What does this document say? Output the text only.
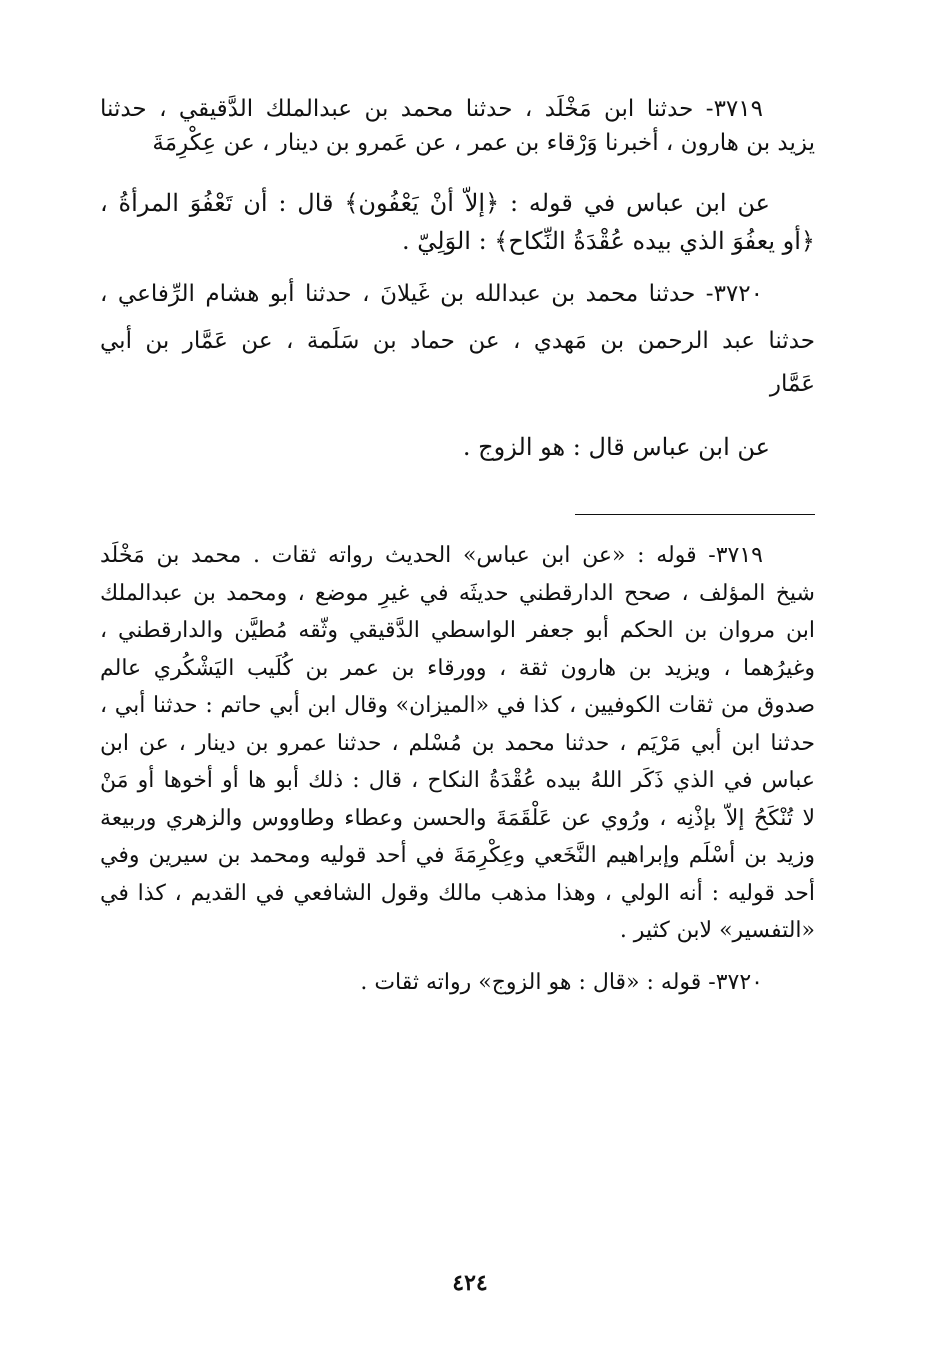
٣٧١٩- حدثنا ابن مَخْلَد ، حدثنا محمد بن عبدالملك الدَّقيقي ، حدثنا
يزيد بن هارون ، أخبرنا وَرْقاء بن عمر ، عن عَمرو بن دينار ، عن عِكْرِمَةَ
عن ابن عباس في قوله : ﴿إلاّ أنْ يَعْفُون﴾ قال : أن تَعْفُوَ المرأةُ ،
﴿أو يعفُوَ الذي بيده عُقْدَةُ النِّكاح﴾ : الوَلِيّ .
٣٧٢٠- حدثنا محمد بن عبدالله بن غَيلانَ ، حدثنا أبو هشام الرِّفاعي ،
حدثنا عبد الرحمن بن مَهدي ، عن حماد بن سَلَمة ، عن عَمَّار بن أبي
عَمَّار
عن ابن عباس قال : هو الزوج .
٣٧١٩- قوله : «عن ابن عباس» الحديث رواته ثقات . محمد بن مَخْلَد
شيخ المؤلف ، صحح الدارقطني حديثَه في غيرِ موضع ، ومحمد بن عبدالملك
ابن مروان بن الحكم أبو جعفر الواسطي الدَّقيقي وثّقه مُطيَّن والدارقطني ،
وغيرُهما ، ويزيد بن هارون ثقة ، وورقاء بن عمر بن كُلَيب اليَشْكُري عالم
صدوق من ثقات الكوفيين ، كذا في «الميزان» وقال ابن أبي حاتم : حدثنا أبي ،
حدثنا ابن أبي مَرْيَم ، حدثنا محمد بن مُسْلم ، حدثنا عمرو بن دينار ، عن ابن
عباس في الذي ذَكَر اللهُ بيده عُقْدَةُ النكاح ، قال : ذلك أبو ها أو أخوها أو مَنْ
لا تُنْكَحُ إلاّ بإذْنِه ، ورُوي عن عَلْقَمَةَ والحسن وعطاء وطاووس والزهري وربيعة
وزيد بن أسْلَم وإبراهيم النَّخَعي وعِكْرِمَةَ في أحد قوليه ومحمد بن سيرين وفي
أحد قوليه : أنه الولي ، وهذا مذهب مالك وقول الشافعي في القديم ، كذا في
«التفسير» لابن كثير .
٣٧٢٠- قوله : «قال : هو الزوج» رواته ثقات .
٤٢٤
